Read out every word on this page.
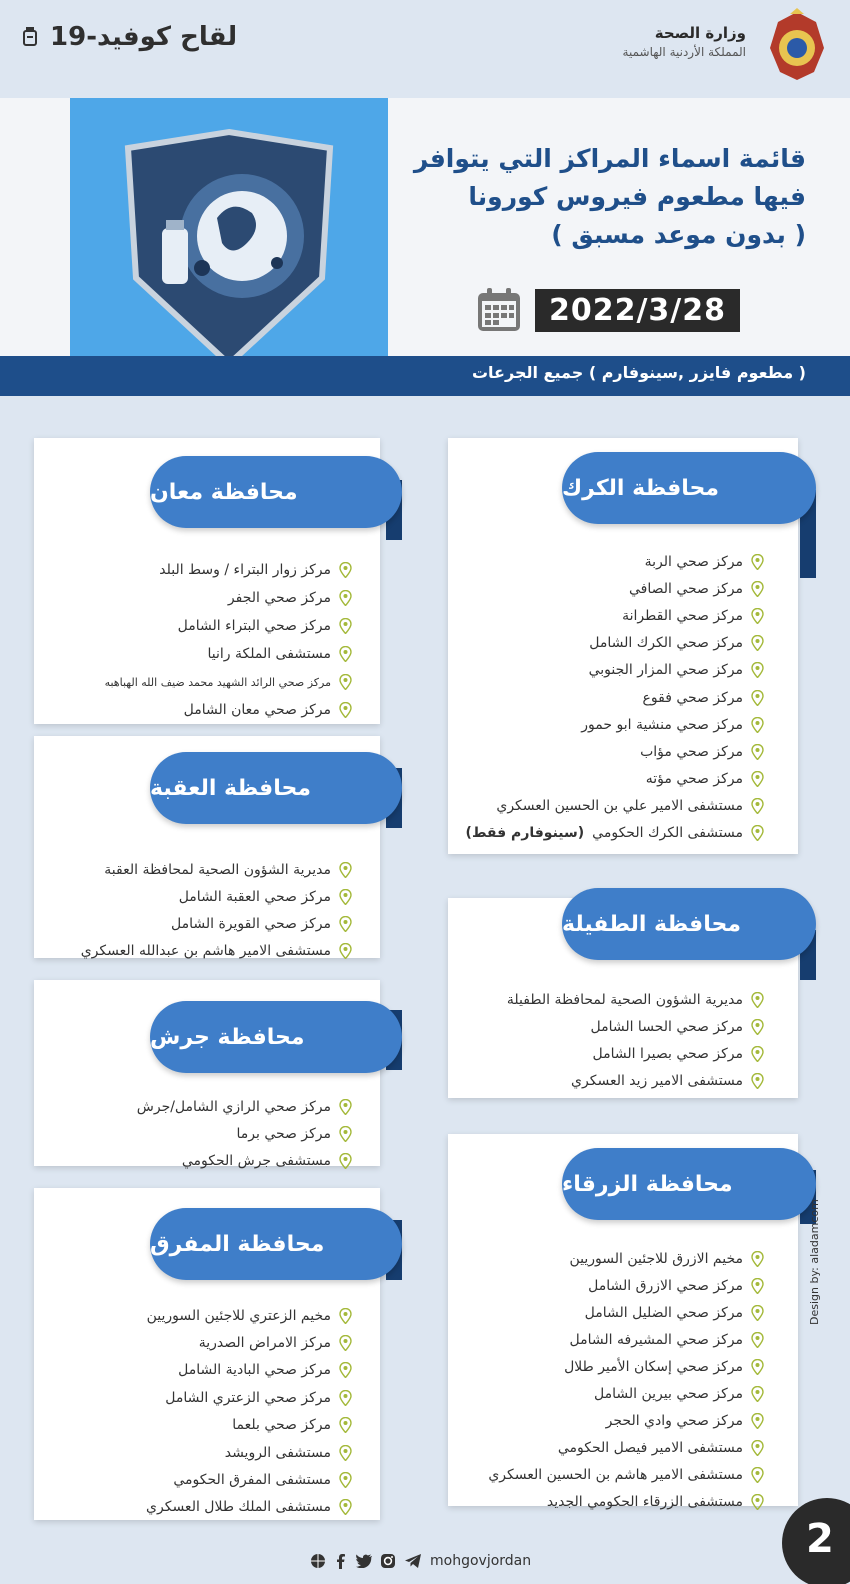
لقاح كوفيد-19	وزارة الصحة
المملكة الأردنية الهاشمية
قائمة اسماء المراكز التي يتوافر
فيها مطعوم فيروس كورونا
( بدون موعد مسبق )
2022/3/28
( مطعوم فايزر ,سينوفارم ) جميع الجرعات
محافظة الكرك
مركز صحي الربة
مركز صحي الصافي
مركز صحي القطرانة
مركز صحي الكرك الشامل
مركز صحي المزار الجنوبي
مركز صحي فقوع
مركز صحي منشية ابو حمور
مركز صحي مؤاب
مركز صحي مؤته
مستشفى الامير علي بن الحسين العسكري
مستشفى الكرك الحكومي
(سينوفارم فقط)
محافظة الطفيلة
مديرية الشؤون الصحية لمحافظة الطفيلة
مركز صحي الحسا الشامل
مركز صحي بصيرا الشامل
مستشفى الامير زيد العسكري
محافظة الزرقاء
مخيم الازرق للاجئين السوريين
مركز صحي الازرق الشامل
مركز صحي الضليل الشامل
مركز صحي المشيرفه الشامل
مركز صحي إسكان الأمير طلال
مركز صحي بيرين الشامل
مركز صحي وادي الحجر
مستشفى الامير فيصل الحكومي
مستشفى الامير هاشم بن الحسين العسكري
مستشفى الزرقاء الحكومي الجديد
محافظة معان
مركز زوار البتراء / وسط البلد
مركز صحي الجفر
مركز صحي البتراء الشامل
مستشفى الملكة رانيا
مركز صحي الرائد الشهيد محمد ضيف الله الهباهبه
مركز صحي معان الشامل
محافظة العقبة
مديرية الشؤون الصحية لمحافظة العقبة
مركز صحي العقبة الشامل
مركز صحي القويرة الشامل
مستشفى الامير هاشم بن عبدالله العسكري
محافظة جرش
مركز صحي الرازي الشامل/جرش
مركز صحي برما
مستشفى جرش الحكومي
محافظة المفرق
مخيم الزعتري للاجئين السوريين
مركز الامراض الصدرية
مركز صحي البادية الشامل
مركز صحي الزعتري الشامل
مركز صحي بلعما
مستشفى الرويشد
مستشفى المفرق الحكومي
مستشفى الملك طلال العسكري
mohgovjordan	2
Design by: aladamcom
